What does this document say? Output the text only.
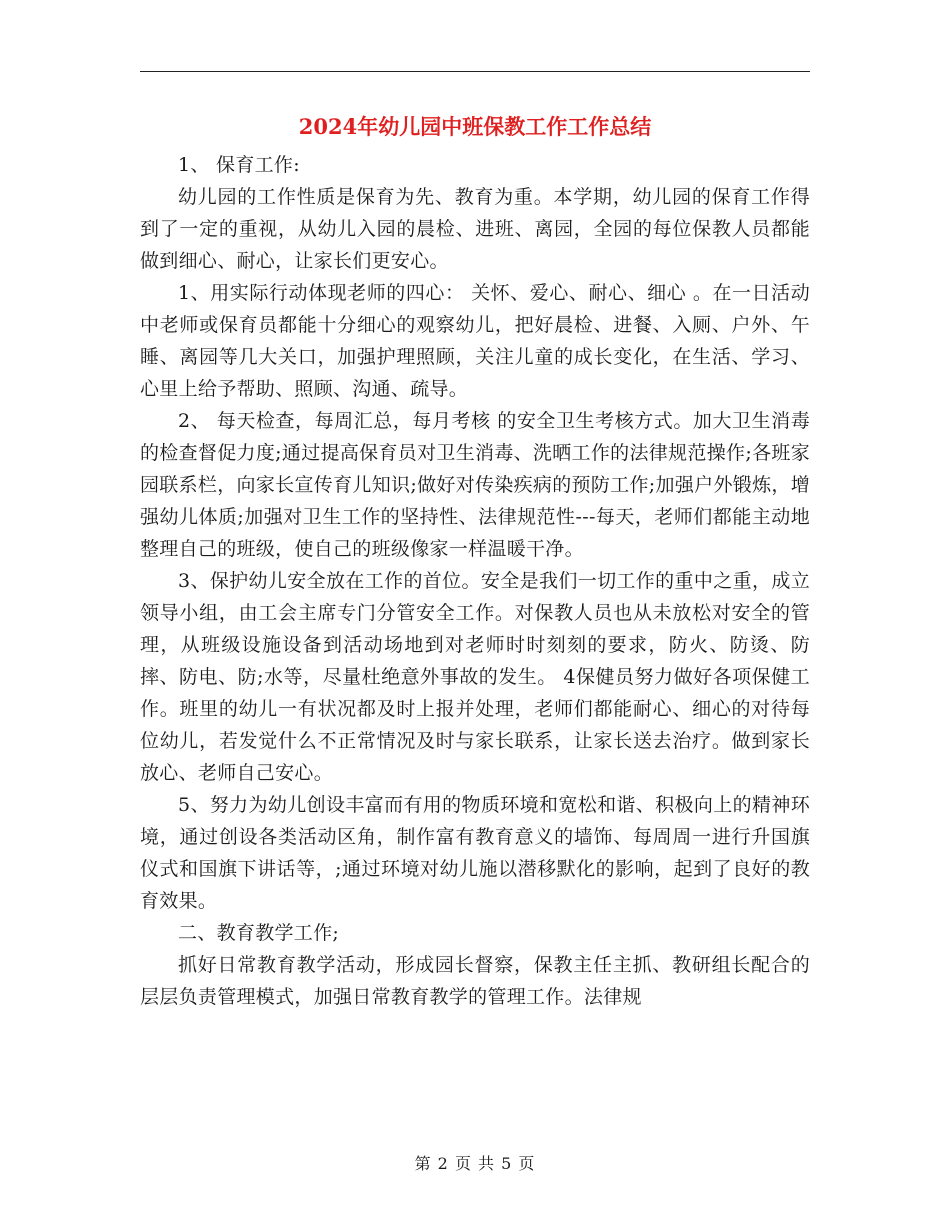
2024年幼儿园中班保教工作工作总结

1、 保育工作:

幼儿园的工作性质是保育为先、教育为重。本学期，幼儿园的保育工作得到了一定的重视，从幼儿入园的晨检、进班、离园，全园的每位保教人员都能做到细心、耐心，让家长们更安心。

1、用实际行动体现老师的四心： 关怀、爱心、耐心、细心 。在一日活动中老师或保育员都能十分细心的观察幼儿，把好晨检、进餐、入厕、户外、午睡、离园等几大关口，加强护理照顾，关注儿童的成长变化，在生活、学习、心里上给予帮助、照顾、沟通、疏导。

2、 每天检查，每周汇总，每月考核 的安全卫生考核方式。加大卫生消毒的检查督促力度;通过提高保育员对卫生消毒、洗晒工作的法律规范操作;各班家园联系栏，向家长宣传育儿知识;做好对传染疾病的预防工作;加强户外锻炼，增强幼儿体质;加强对卫生工作的坚持性、法律规范性---每天，老师们都能主动地整理自己的班级，使自己的班级像家一样温暖干净。

3、保护幼儿安全放在工作的首位。安全是我们一切工作的重中之重，成立领导小组，由工会主席专门分管安全工作。对保教人员也从未放松对安全的管理，从班级设施设备到活动场地到对老师时时刻刻的要求，防火、防烫、防摔、防电、防;水等，尽量杜绝意外事故的发生。 4保健员努力做好各项保健工作。班里的幼儿一有状况都及时上报并处理，老师们都能耐心、细心的对待每位幼儿，若发觉什么不正常情况及时与家长联系，让家长送去治疗。做到家长放心、老师自己安心。

5、努力为幼儿创设丰富而有用的物质环境和宽松和谐、积极向上的精神环境，通过创设各类活动区角，制作富有教育意义的墙饰、每周周一进行升国旗仪式和国旗下讲话等，;通过环境对幼儿施以潜移默化的影响，起到了良好的教育效果。

二、教育教学工作;

抓好日常教育教学活动，形成园长督察，保教主任主抓、教研组长配合的层层负责管理模式，加强日常教育教学的管理工作。法律规

第 2 页 共 5 页
